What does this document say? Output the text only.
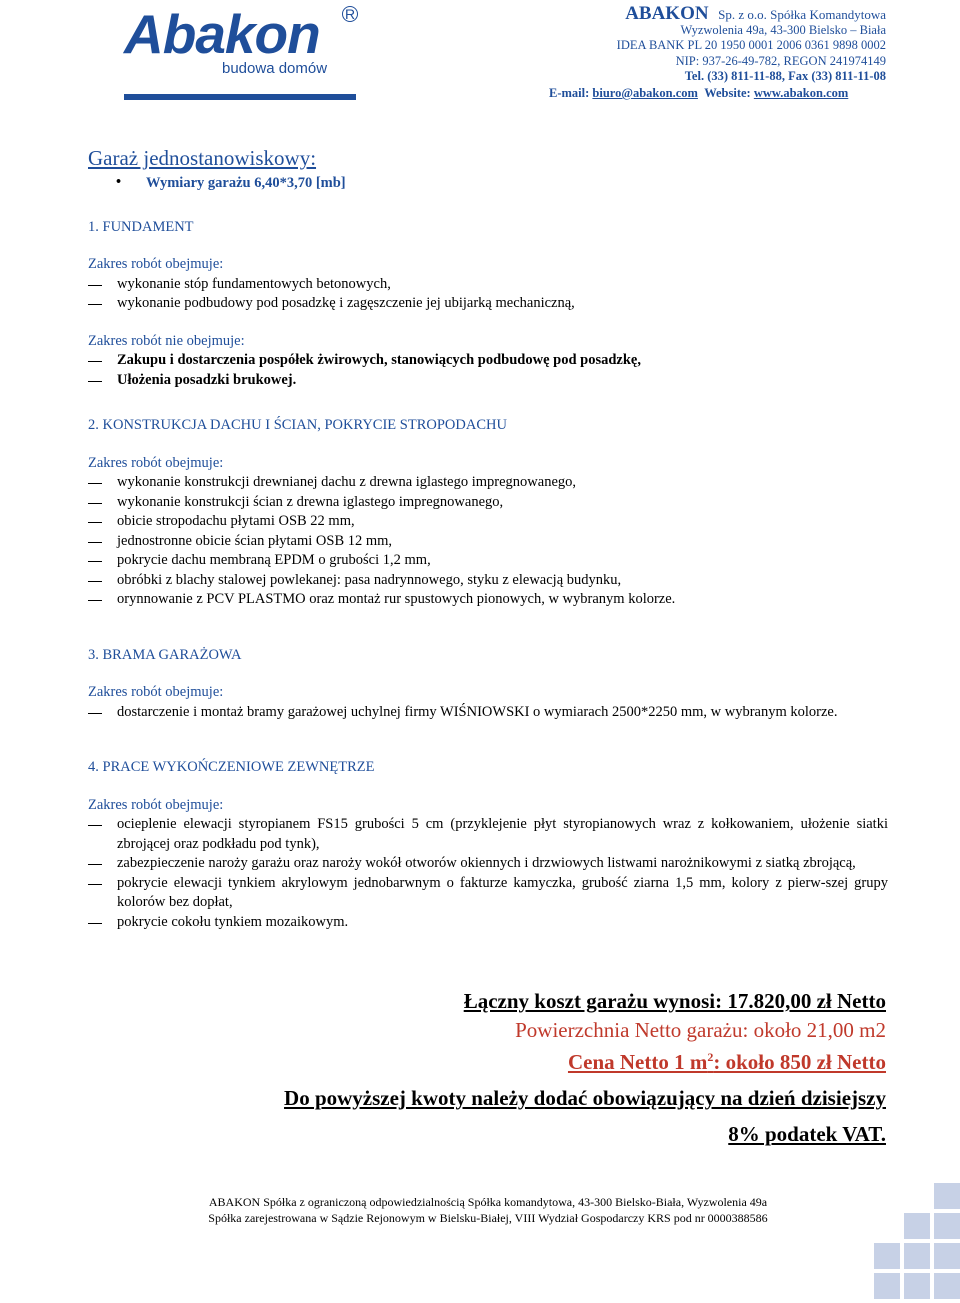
Abakon R
budowa domów
ABAKON Sp. z o.o. Spółka Komandytowa
Wyzwolenia 49a, 43-300 Bielsko – Biała
IDEA BANK PL 20 1950 0001 2006 0361 9898 0002
NIP: 937-26-49-782, REGON 241974149
Tel. (33) 811-11-88, Fax (33) 811-11-08
E-mail: biuro@abakon.com Website: www.abakon.com

Garaż jednostanowiskowy:

• Wymiary garażu 6,40*3,70 [mb]
1. FUNDAMENT
Zakres robót obejmuje:
wykonanie stóp fundamentowych betonowych,
wykonanie podbudowy pod posadzkę i zagęszczenie jej ubijarką mechaniczną,
Zakres robót nie obejmuje:
Zakupu i dostarczenia pospółek żwirowych, stanowiących podbudowę pod posadzkę,
Ułożenia posadzki brukowej.
2. KONSTRUKCJA DACHU I ŚCIAN, POKRYCIE STROPODACHU
Zakres robót obejmuje:
wykonanie konstrukcji drewnianej dachu z drewna iglastego impregnowanego,
wykonanie konstrukcji ścian z drewna iglastego impregnowanego,
obicie stropodachu płytami OSB 22 mm,
jednostronne obicie ścian płytami OSB 12 mm,
pokrycie dachu membraną EPDM o grubości 1,2 mm,
obróbki z blachy stalowej powlekanej: pasa nadrynnowego, styku z elewacją budynku,
orynnowanie z PCV PLASTMO oraz montaż rur spustowych pionowych, w wybranym kolorze.
3. BRAMA GARAŻOWA
Zakres robót obejmuje:
dostarczenie i montaż bramy garażowej uchylnej firmy WIŚNIOWSKI o wymiarach 2500*2250 mm, w wybranym kolorze.
4. PRACE WYKOŃCZENIOWE ZEWNĘTRZE
Zakres robót obejmuje:
ocieplenie elewacji styropianem FS15 grubości 5 cm (przyklejenie płyt styropianowych wraz z kołkowaniem, ułożenie siatki zbrojącej oraz podkładu pod tynk),
zabezpieczenie naroży garażu oraz naroży wokół otworów okiennych i drzwiowych listwami narożnikowymi z siatką zbrojącą,
pokrycie elewacji tynkiem akrylowym jednobarwnym o fakturze kamyczka, grubość ziarna 1,5 mm, kolory z pierw-szej grupy kolorów bez dopłat,
pokrycie cokołu tynkiem mozaikowym.
Łączny koszt garażu wynosi: 17.820,00 zł Netto
Powierzchnia Netto garażu: około 21,00 m2
Cena Netto 1 $m^2$: około 850 zł Netto
Do powyższej kwoty należy dodać obowiązujący na dzień dzisiejszy
8% podatek VAT.
ABAKON Spółka z ograniczoną odpowiedzialnością Spółka komandytowa, 43-300 Bielsko-Biała, Wyzwolenia 49a
Spółka zarejestrowana w Sądzie Rejonowym w Bielsku-Białej, VIII Wydział Gospodarczy KRS pod nr 0000388586
